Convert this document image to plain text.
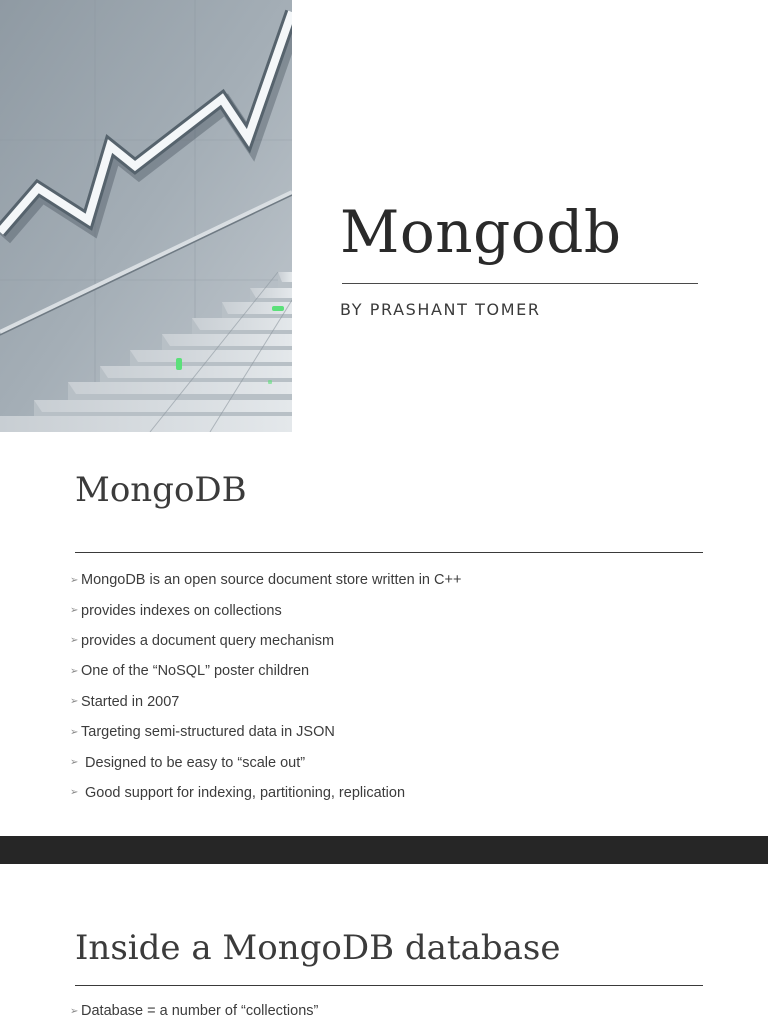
Mongodb
BY PRASHANT TOMER
MongoDB
➢ MongoDB is an open source document store written in C++
➢ provides indexes on collections
➢ provides a document query mechanism
➢ One of the “NoSQL” poster children
➢ Started in 2007
➢ Targeting semi-structured data in JSON
➢ Designed to be easy to “scale out”
➢ Good support for indexing, partitioning, replication
Inside a MongoDB database
➢ Database = a number of “collections”
